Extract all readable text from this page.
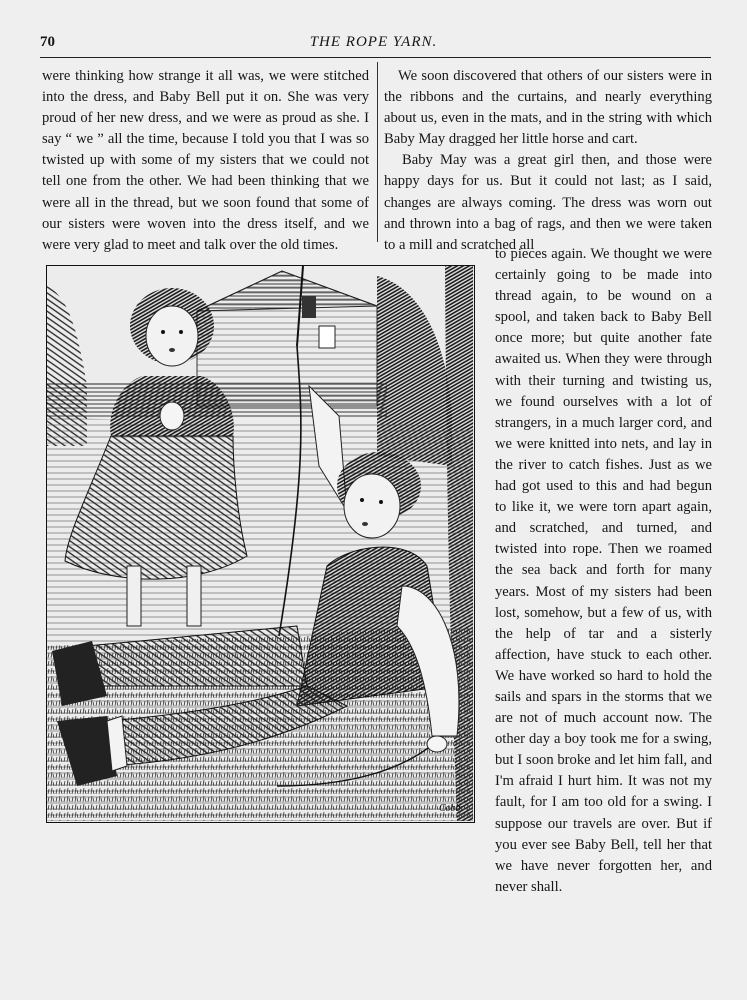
70	THE ROPE YARN.

were thinking how strange it all was, we were stitched into the dress, and Baby Bell put it on. She was very proud of her new dress, and we were as proud as she. I say “ we ” all the time, because I told you that I was so twisted up with some of my sisters that we could not tell one from the other. We had been thinking that we were all in the thread, but we soon found that some of our sisters were woven into the dress itself, and we were very glad to meet and talk over the old times.

We soon discovered that others of our sisters were in the ribbons and the curtains, and nearly everything about us, even in the mats, and in the string with which Baby May dragged her little horse and cart.

Baby May was a great girl then, and those were happy days for us. But it could not last; as I said, changes are always coming. The dress was worn out and thrown into a bag of rags, and then we were taken to a mill and scratched all

to pieces again. We thought we were certainly going to be made into thread again, to be wound on a spool, and taken back to Baby Bell once more; but quite another fate awaited us. When they were through with their turning and twisting us, we found ourselves with a lot of strangers, in a much larger cord, and we were knitted into nets, and lay in the river to catch fishes. Just as we had got used to this and had begun to like it, we were torn apart again, and scratched, and turned, and twisted into rope. Then we roamed the sea back and forth for many years. Most of my sisters had been lost, somehow, but a few of us, with the help of tar and a sisterly affection, have stuck to each other. We have worked so hard to hold the sails and spars in the storms that we are not of much account now. The other day a boy took me for a swing, but I soon broke and let him fall, and I'm afraid I hurt him. It was not my fault, for I am too old for a swing. I suppose our travels are over. But if you ever see Baby Bell, tell her that we have never forgotten her, and never shall.

Cobb
